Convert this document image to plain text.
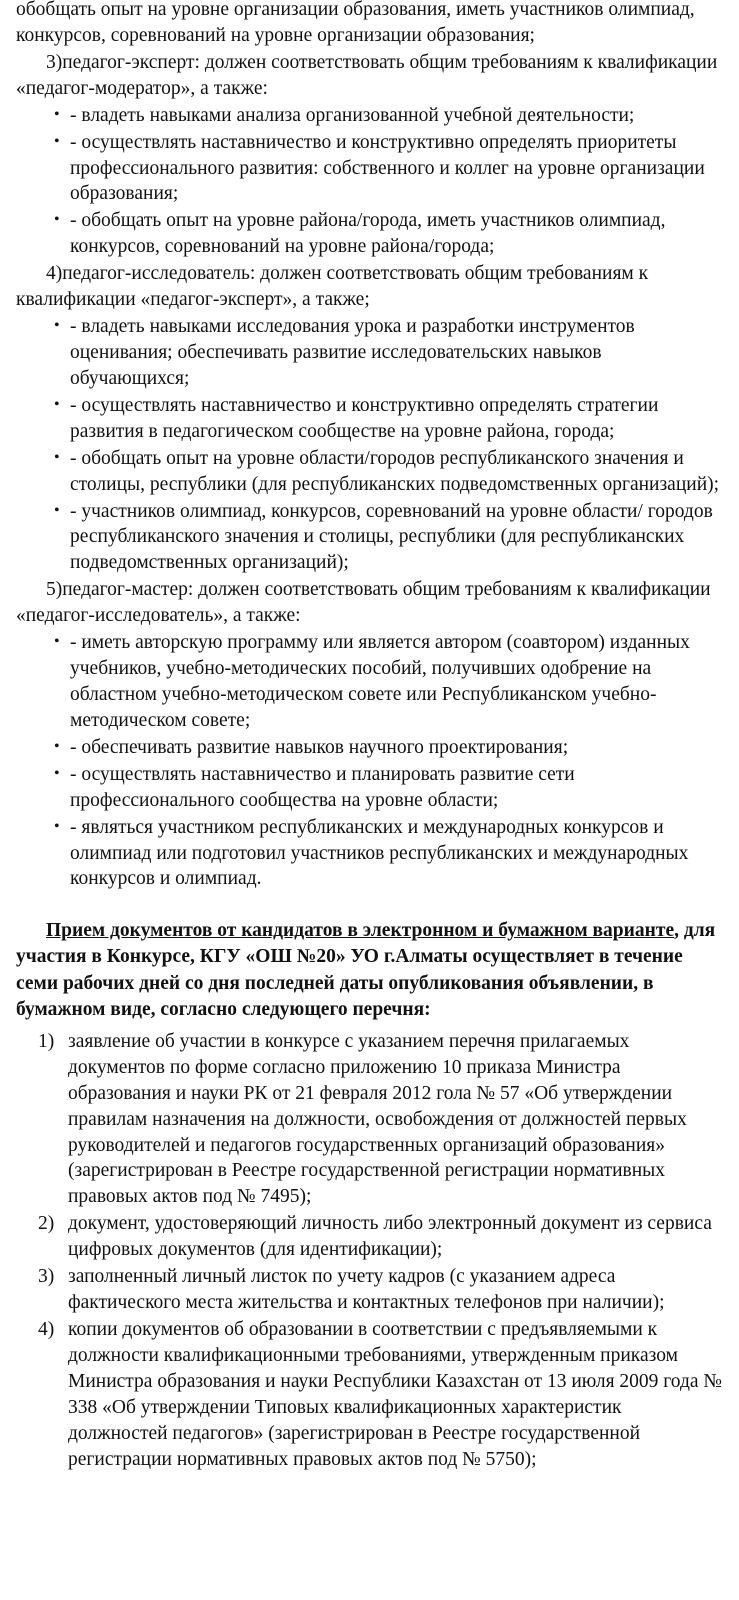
обобщать опыт на уровне организации образования, иметь участников олимпиад, конкурсов, соревнований на уровне организации образования;

3)педагог-эксперт: должен соответствовать общим требованиям к квалификации «педагог-модератор», а также:

• - владеть навыками анализа организованной учебной деятельности;
• - осуществлять наставничество и конструктивно определять приоритеты профессионального развития: собственного и коллег на уровне организации образования;
• - обобщать опыт на уровне района/города, иметь участников олимпиад, конкурсов, соревнований на уровне района/города;

4)педагог-исследователь: должен соответствовать общим требованиям к квалификации «педагог-эксперт», а также;

• - владеть навыками исследования урока и разработки инструментов оценивания; обеспечивать развитие исследовательских навыков обучающихся;
• - осуществлять наставничество и конструктивно определять стратегии развития в педагогическом сообществе на уровне района, города;
• - обобщать опыт на уровне области/городов республиканского значения и столицы, республики (для республиканских подведомственных организаций);
• - участников олимпиад, конкурсов, соревнований на уровне области/ городов республиканского значения и столицы, республики (для республиканских подведомственных организаций);

5)педагог-мастер: должен соответствовать общим требованиям к квалификации «педагог-исследователь», а также:

• - иметь авторскую программу или является автором (соавтором) изданных учебников, учебно-методических пособий, получивших одобрение на областном учебно-методическом совете или Республиканском учебно- методическом совете;
• - обеспечивать развитие навыков научного проектирования;
• - осуществлять наставничество и планировать развитие сети профессионального сообщества на уровне области;
• - являться участником республиканских и международных конкурсов и олимпиад или подготовил участников республиканских и международных конкурсов и олимпиад.

Прием документов от кандидатов в электронном и бумажном варианте, для участия в Конкурсе, КГУ «ОШ №20» УО г.Алматы осуществляет в течение семи рабочих дней со дня последней даты опубликования объявлении, в бумажном виде, согласно следующего перечня:

1) заявление об участии в конкурсе с указанием перечня прилагаемых документов по форме согласно приложению 10 приказа Министра образования и науки РК от 21 февраля 2012 гола № 57 «Об утверждении правилам назначения на должности, освобождения от должностей первых руководителей и педагогов государственных организаций образования» (зарегистрирован в Реестре государственной регистрации нормативных правовых актов под № 7495);
2) документ, удостоверяющий личность либо электронный документ из сервиса цифровых документов (для идентификации);
3) заполненный личный листок по учету кадров (с указанием адреса фактического места жительства и контактных телефонов при наличии);
4) копии документов об образовании в соответствии с предъявляемыми к должности квалификационными требованиями, утвержденным приказом Министра образования и науки Республики Казахстан от 13 июля 2009 года № 338 «Об утверждении Типовых квалификационных характеристик должностей педагогов» (зарегистрирован в Реестре государственной регистрации нормативных правовых актов под № 5750);
